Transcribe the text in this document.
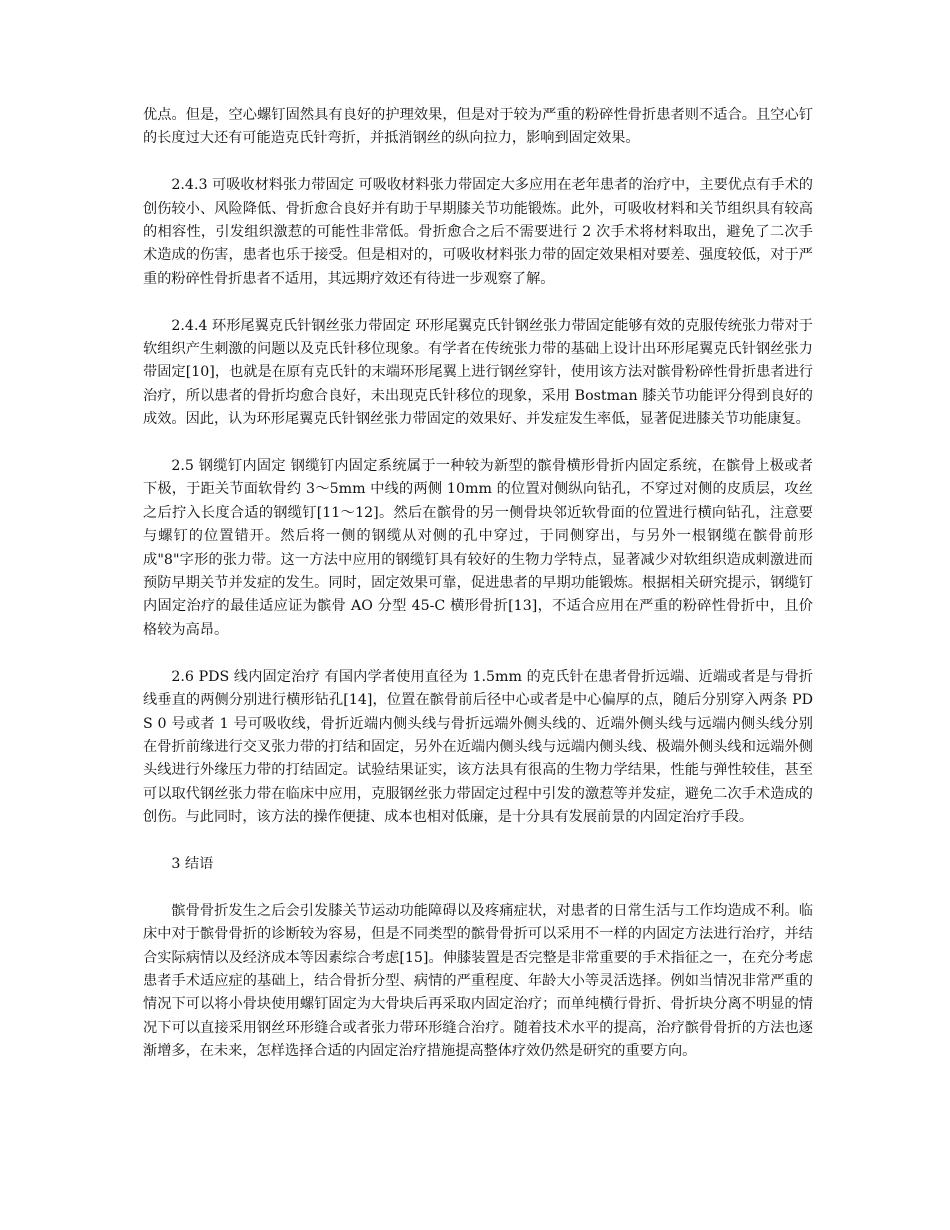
优点。但是，空心螺钉固然具有良好的护理效果，但是对于较为严重的粉碎性骨折患者则不适合。且空心钉的长度过大还有可能造克氏针弯折，并抵消钢丝的纵向拉力，影响到固定效果。

2.4.3 可吸收材料张力带固定 可吸收材料张力带固定大多应用在老年患者的治疗中，主要优点有手术的创伤较小、风险降低、骨折愈合良好并有助于早期膝关节功能锻炼。此外，可吸收材料和关节组织具有较高的相容性，引发组织激惹的可能性非常低。骨折愈合之后不需要进行 2 次手术将材料取出，避免了二次手术造成的伤害，患者也乐于接受。但是相对的，可吸收材料张力带的固定效果相对要差、强度较低，对于严重的粉碎性骨折患者不适用，其远期疗效还有待进一步观察了解。

2.4.4 环形尾翼克氏针钢丝张力带固定 环形尾翼克氏针钢丝张力带固定能够有效的克服传统张力带对于软组织产生刺激的问题以及克氏针移位现象。有学者在传统张力带的基础上设计出环形尾翼克氏针钢丝张力带固定[10]，也就是在原有克氏针的末端环形尾翼上进行钢丝穿针，使用该方法对髌骨粉碎性骨折患者进行治疗，所以患者的骨折均愈合良好，未出现克氏针移位的现象，采用 Bostman 膝关节功能评分得到良好的成效。因此，认为环形尾翼克氏针钢丝张力带固定的效果好、并发症发生率低，显著促进膝关节功能康复。

2.5 钢缆钉内固定 钢缆钉内固定系统属于一种较为新型的髌骨横形骨折内固定系统，在髌骨上极或者下极，于距关节面软骨约 3～5mm 中线的两侧 10mm 的位置对侧纵向钻孔，不穿过对侧的皮质层，攻丝之后拧入长度合适的钢缆钉[11～12]。然后在髌骨的另一侧骨块邻近软骨面的位置进行横向钻孔，注意要与螺钉的位置错开。然后将一侧的钢缆从对侧的孔中穿过，于同侧穿出，与另外一根钢缆在髌骨前形成"8"字形的张力带。这一方法中应用的钢缆钉具有较好的生物力学特点，显著减少对软组织造成刺激进而预防早期关节并发症的发生。同时，固定效果可靠，促进患者的早期功能锻炼。根据相关研究提示，钢缆钉内固定治疗的最佳适应证为髌骨 AO 分型 45-C 横形骨折[13]，不适合应用在严重的粉碎性骨折中，且价格较为高昂。

2.6 PDS 线内固定治疗 有国内学者使用直径为 1.5mm 的克氏针在患者骨折远端、近端或者是与骨折线垂直的两侧分别进行横形钻孔[14]，位置在髌骨前后径中心或者是中心偏厚的点，随后分别穿入两条 PDS 0 号或者 1 号可吸收线，骨折近端内侧头线与骨折远端外侧头线的、近端外侧头线与远端内侧头线分别在骨折前缘进行交叉张力带的打结和固定，另外在近端内侧头线与远端内侧头线、极端外侧头线和远端外侧头线进行外缘压力带的打结固定。试验结果证实，该方法具有很高的生物力学结果，性能与弹性较佳，甚至可以取代钢丝张力带在临床中应用，克服钢丝张力带固定过程中引发的激惹等并发症，避免二次手术造成的创伤。与此同时，该方法的操作便捷、成本也相对低廉，是十分具有发展前景的内固定治疗手段。

3 结语

髌骨骨折发生之后会引发膝关节运动功能障碍以及疼痛症状，对患者的日常生活与工作均造成不利。临床中对于髌骨骨折的诊断较为容易，但是不同类型的髌骨骨折可以采用不一样的内固定方法进行治疗，并结合实际病情以及经济成本等因素综合考虑[15]。伸膝装置是否完整是非常重要的手术指征之一，在充分考虑患者手术适应症的基础上，结合骨折分型、病情的严重程度、年龄大小等灵活选择。例如当情况非常严重的情况下可以将小骨块使用螺钉固定为大骨块后再采取内固定治疗；而单纯横行骨折、骨折块分离不明显的情况下可以直接采用钢丝环形缝合或者张力带环形缝合治疗。随着技术水平的提高，治疗髌骨骨折的方法也逐渐增多，在未来，怎样选择合适的内固定治疗措施提高整体疗效仍然是研究的重要方向。
